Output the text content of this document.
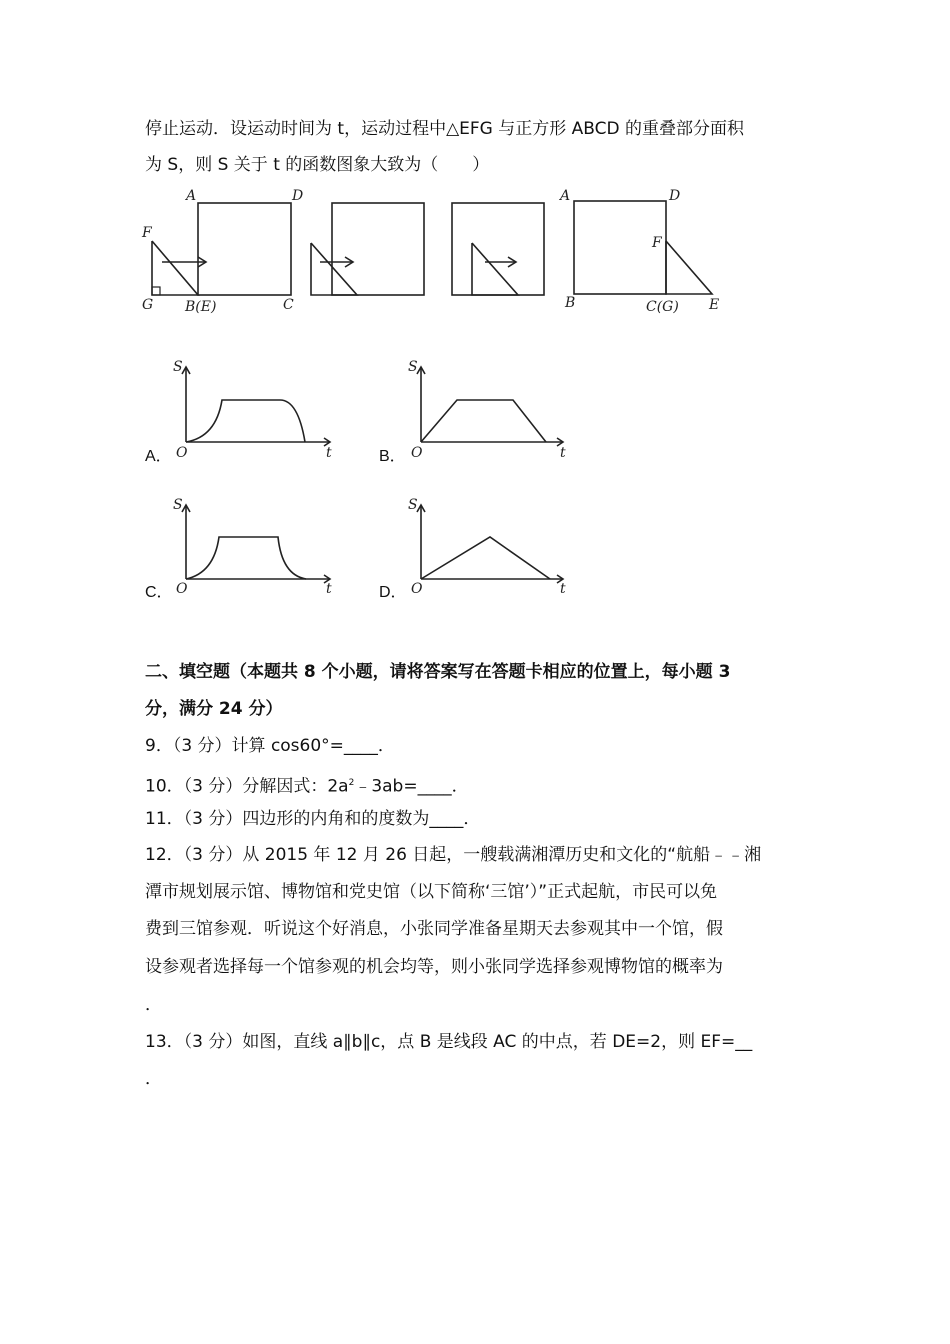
停止运动．设运动时间为 t，运动过程中△EFG 与正方形 ABCD 的重叠部分面积
为 S，则 S 关于 t 的函数图象大致为（　　）
A	D
F
G B(E)	C
A	D
F
B	C(G) E
A．
S
O	t	B．
S
O	t
C．
S
O	t	D．
S
O	t
二、填空题（本题共 8 个小题，请将答案写在答题卡相应的位置上，每小题 3
分，满分 24 分）
9．（3 分）计算 cos60°=____．
10．（3 分）分解因式：$2a^2﹣3ab=\_\_\_\_$．
11．（3 分）四边形的内角和的度数为____．
12．（3 分）从 2015 年 12 月 26 日起，一艘载满湘潭历史和文化的“航船﹣﹣湘
潭市规划展示馆、博物馆和党史馆（以下简称‘三馆’）”正式起航，市民可以免
费到三馆参观．听说这个好消息，小张同学准备星期天去参观其中一个馆，假
设参观者选择每一个馆参观的机会均等，则小张同学选择参观博物馆的概率为
．
13．（3 分）如图，直线 a∥b∥c，点 B 是线段 AC 的中点，若 DE=2，则 EF=__
．
